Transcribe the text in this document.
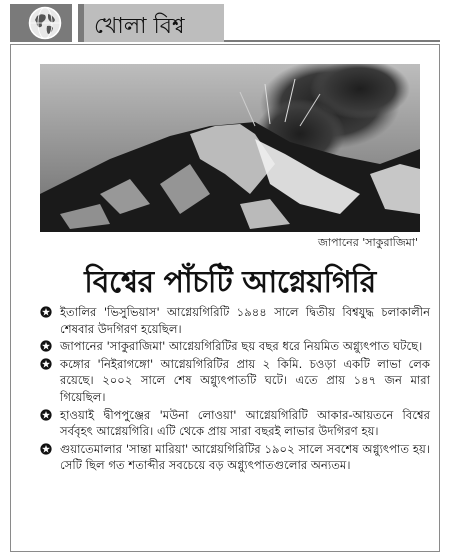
খোলা বিশ্ব
জাপানের 'সাকুরাজিমা'
বিশ্বের পাঁচটি আগ্নেয়গিরি
ইতালির 'ভিসুভিয়াস' আগ্নেয়গিরিটি ১৯৪৪ সালে দ্বিতীয় বিশ্বযুদ্ধ চলাকালীন শেষবার উদগিরণ হয়েছিল।
জাপানের 'সাকুরাজিমা' আগ্নেয়গিরিটির ছয় বছর ধরে নিয়মিত অগ্ন্যুৎপাত ঘটছে।
কঙ্গোর 'নিইরাগঙ্গো' আগ্নেয়গিরিটির প্রায় ২ কিমি. চওড়া একটি লাভা লেক রয়েছে। ২০০২ সালে শেষ অগ্ন্যুৎপাতটি ঘটে। এতে প্রায় ১৪৭ জন মারা গিয়েছিল।
হাওয়াই দ্বীপপুঞ্জের 'মউনা লোওয়া' আগ্নেয়গিরিটি আকার-আয়তনে বিশ্বের সর্ববৃহৎ আগ্নেয়গিরি। এটি থেকে প্রায় সারা বছরই লাভার উদগিরণ হয়।
গুয়াতেমালার 'সান্তা মারিয়া' আগ্নেয়গিরিটির ১৯০২ সালে সবশেষ অগ্ন্যুৎপাত হয়। সেটি ছিল গত শতাব্দীর সবচেয়ে বড় অগ্ন্যুৎপাতগুলোর অন্যতম।
